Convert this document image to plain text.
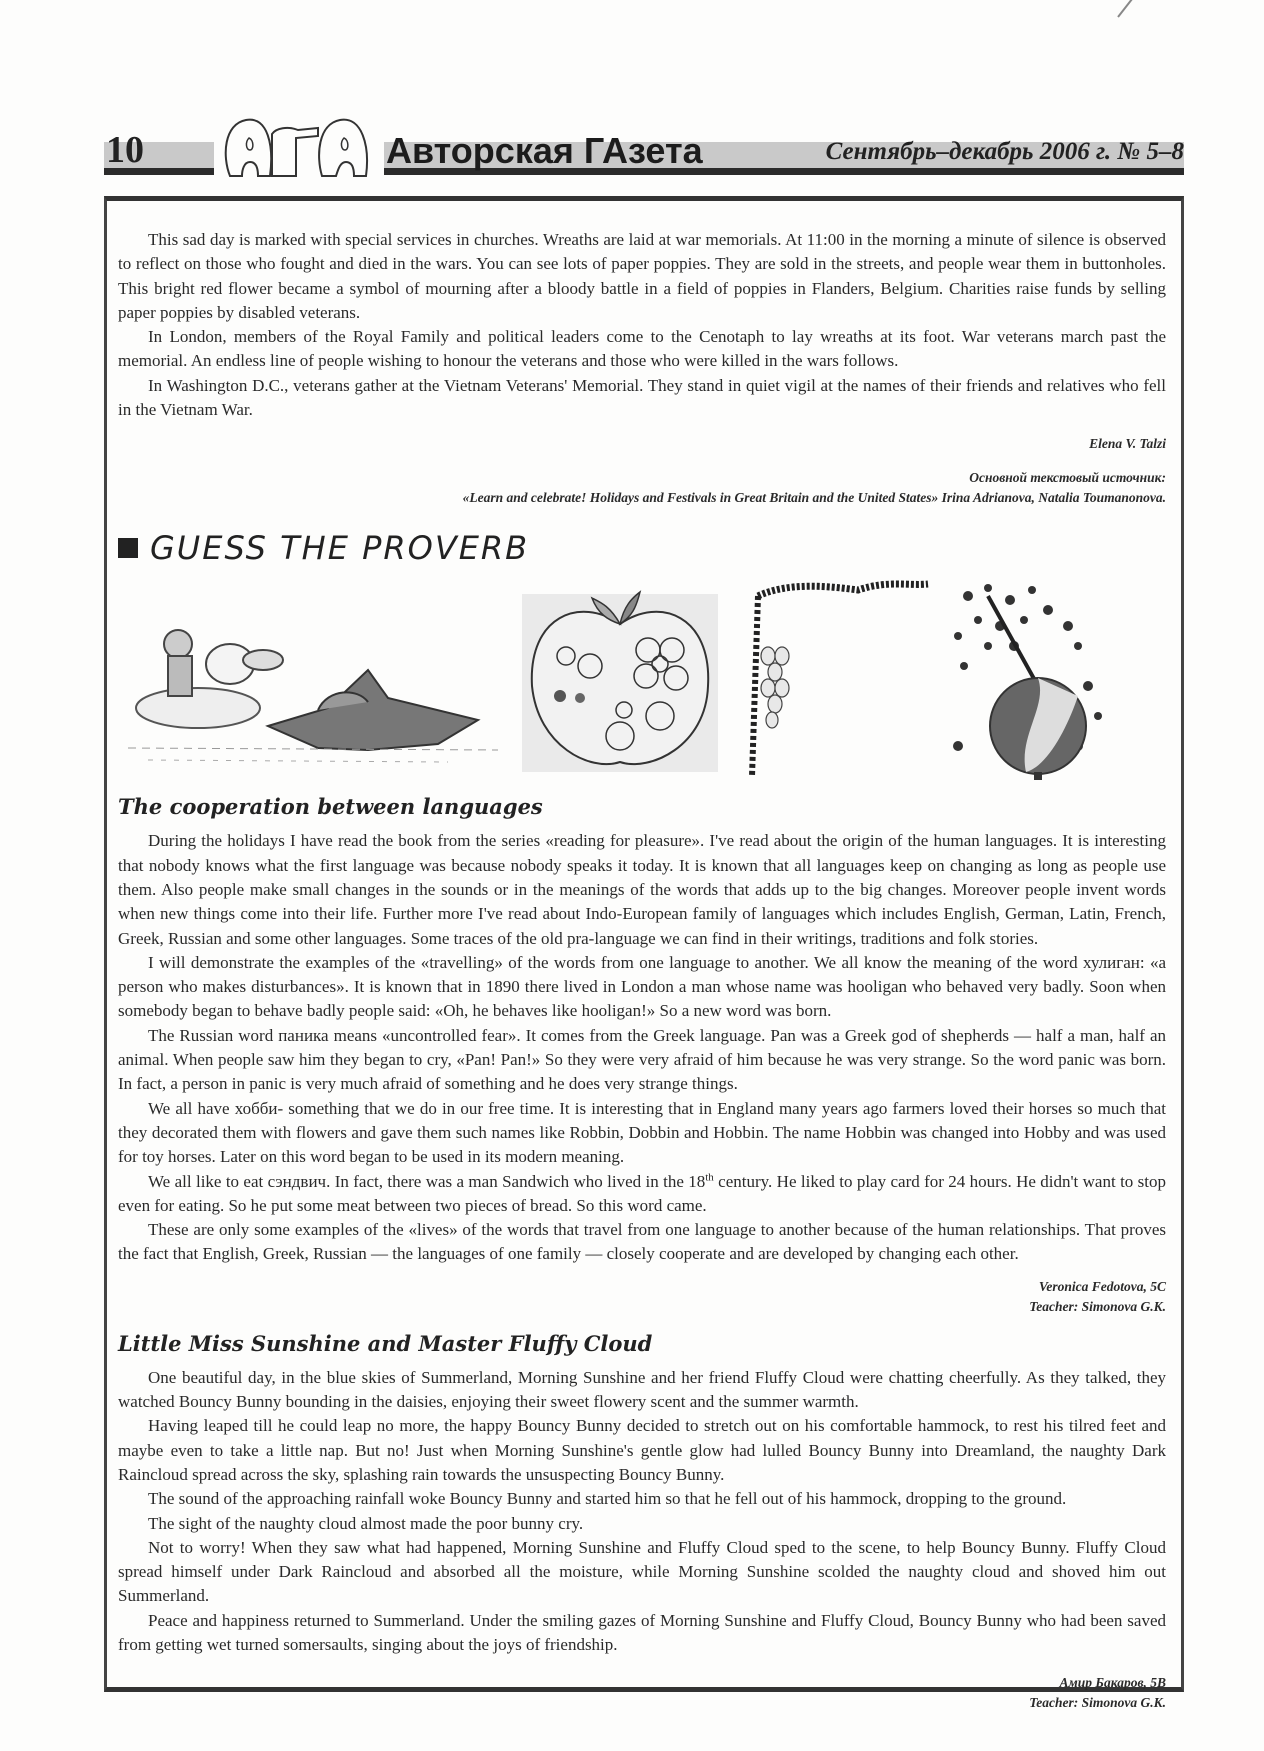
10	Авторская ГАзета	Сентябрь–декабрь 2006 г. № 5–8

This sad day is marked with special services in churches. Wreaths are laid at war memorials. At 11:00 in the morning a minute of silence is observed to reflect on those who fought and died in the wars. You can see lots of paper poppies. They are sold in the streets, and people wear them in buttonholes. This bright red flower became a symbol of mourning after a bloody battle in a field of poppies in Flanders, Belgium. Charities raise funds by selling paper poppies by disabled veterans.

In London, members of the Royal Family and political leaders come to the Cenotaph to lay wreaths at its foot. War veterans march past the memorial. An endless line of people wishing to honour the veterans and those who were killed in the wars follows.

In Washington D.C., veterans gather at the Vietnam Veterans' Memorial. They stand in quiet vigil at the names of their friends and relatives who fell in the Vietnam War.

Elena V. Talzi

Основной текстовый источник:

«Learn and celebrate! Holidays and Festivals in Great Britain and the United States» Irina Adrianova, Natalia Toumanonova.

GUESS THE PROVERB
The cooperation between languages

During the holidays I have read the book from the series «reading for pleasure». I've read about the origin of the human languages. It is interesting that nobody knows what the first language was because nobody speaks it today. It is known that all languages keep on changing as long as people use them. Also people make small changes in the sounds or in the meanings of the words that adds up to the big changes. Moreover people invent words when new things come into their life. Further more I've read about Indo-European family of languages which includes English, German, Latin, French, Greek, Russian and some other languages. Some traces of the old pra-language we can find in their writings, traditions and folk stories.

I will demonstrate the examples of the «travelling» of the words from one language to another. We all know the meaning of the word хулиган: «a person who makes disturbances». It is known that in 1890 there lived in London a man whose name was hooligan who behaved very badly. Soon when somebody began to behave badly people said: «Oh, he behaves like hooligan!» So a new word was born.

The Russian word паника means «uncontrolled fear». It comes from the Greek language. Pan was a Greek god of shepherds — half a man, half an animal. When people saw him they began to cry, «Pan! Pan!» So they were very afraid of him because he was very strange. So the word panic was born. In fact, a person in panic is very much afraid of something and he does very strange things.

We all have хобби- something that we do in our free time. It is interesting that in England many years ago farmers loved their horses so much that they decorated them with flowers and gave them such names like Robbin, Dobbin and Hobbin. The name Hobbin was changed into Hobby and was used for toy horses. Later on this word began to be used in its modern meaning.

We all like to eat сэндвич. In fact, there was a man Sandwich who lived in the 18th century. He liked to play card for 24 hours. He didn't want to stop even for eating. So he put some meat between two pieces of bread. So this word came.

These are only some examples of the «lives» of the words that travel from one language to another because of the human relationships. That proves the fact that English, Greek, Russian — the languages of one family — closely cooperate and are developed by changing each other.

Veronica Fedotova, 5C

Teacher: Simonova G.K.

Little Miss Sunshine and Master Fluffy Cloud

One beautiful day, in the blue skies of Summerland, Morning Sunshine and her friend Fluffy Cloud were chatting cheerfully. As they talked, they watched Bouncy Bunny bounding in the daisies, enjoying their sweet flowery scent and the summer warmth.

Having leaped till he could leap no more, the happy Bouncy Bunny decided to stretch out on his comfortable hammock, to rest his tilred feet and maybe even to take a little nap. But no! Just when Morning Sunshine's gentle glow had lulled Bouncy Bunny into Dreamland, the naughty Dark Raincloud spread across the sky, splashing rain towards the unsuspecting Bouncy Bunny.

The sound of the approaching rainfall woke Bouncy Bunny and started him so that he fell out of his hammock, dropping to the ground.

The sight of the naughty cloud almost made the poor bunny cry.

Not to worry! When they saw what had happened, Morning Sunshine and Fluffy Cloud sped to the scene, to help Bouncy Bunny. Fluffy Cloud spread himself under Dark Raincloud and absorbed all the moisture, while Morning Sunshine scolded the naughty cloud and shoved him out Summerland.

Peace and happiness returned to Summerland. Under the smiling gazes of Morning Sunshine and Fluffy Cloud, Bouncy Bunny who had been saved from getting wet turned somersaults, singing about the joys of friendship.

Амир Бакаров, 5В

Teacher: Simonova G.K.
